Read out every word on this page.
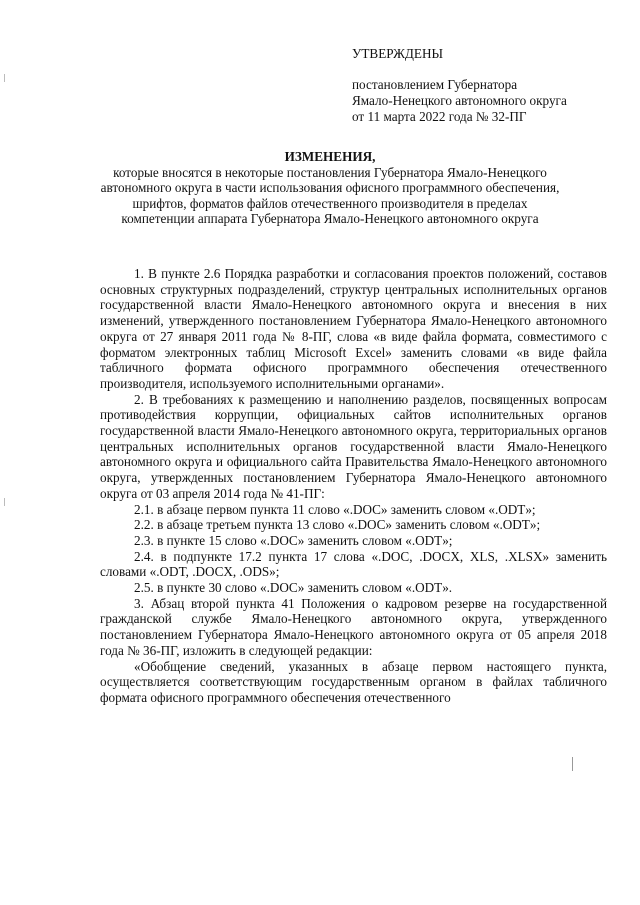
УТВЕРЖДЕНЫ
постановлением Губернатора
Ямало-Ненецкого автономного округа
от 11 марта 2022 года № 32-ПГ
ИЗМЕНЕНИЯ,
которые вносятся в некоторые постановления Губернатора Ямало-Ненецкого автономного округа в части использования офисного программного обеспечения, шрифтов, форматов файлов отечественного производителя в пределах компетенции аппарата Губернатора Ямало-Ненецкого автономного округа

1. В пункте 2.6 Порядка разработки и согласования проектов положений, составов основных структурных подразделений, структур центральных исполнительных органов государственной власти Ямало-Ненецкого автономного округа и внесения в них изменений, утвержденного постановлением Губернатора Ямало-Ненецкого автономного округа от 27 января 2011 года № 8-ПГ, слова «в виде файла формата, совместимого с форматом электронных таблиц Microsoft Excel» заменить словами «в виде файла табличного формата офисного программного обеспечения отечественного производителя, используемого исполнительными органами».

2. В требованиях к размещению и наполнению разделов, посвященных вопросам противодействия коррупции, официальных сайтов исполнительных органов государственной власти Ямало-Ненецкого автономного округа, территориальных органов центральных исполнительных органов государственной власти Ямало-Ненецкого автономного округа и официального сайта Правительства Ямало-Ненецкого автономного округа, утвержденных постановлением Губернатора Ямало-Ненецкого автономного округа от 03 апреля 2014 года № 41-ПГ:

2.1. в абзаце первом пункта 11 слово «.DOC» заменить словом «.ODT»;

2.2. в абзаце третьем пункта 13 слово «.DOC» заменить словом «.ODT»;

2.3. в пункте 15 слово «.DOC» заменить словом «.ODT»;

2.4. в подпункте 17.2 пункта 17 слова «.DOC, .DOCX, XLS, .XLSX» заменить словами «.ODT, .DOCX, .ODS»;

2.5. в пункте 30 слово «.DOC» заменить словом «.ODT».

3. Абзац второй пункта 41 Положения о кадровом резерве на государственной гражданской службе Ямало-Ненецкого автономного округа, утвержденного постановлением Губернатора Ямало-Ненецкого автономного округа от 05 апреля 2018 года № 36-ПГ, изложить в следующей редакции:

«Обобщение сведений, указанных в абзаце первом настоящего пункта, осуществляется соответствующим государственным органом в файлах табличного формата офисного программного обеспечения отечественного
